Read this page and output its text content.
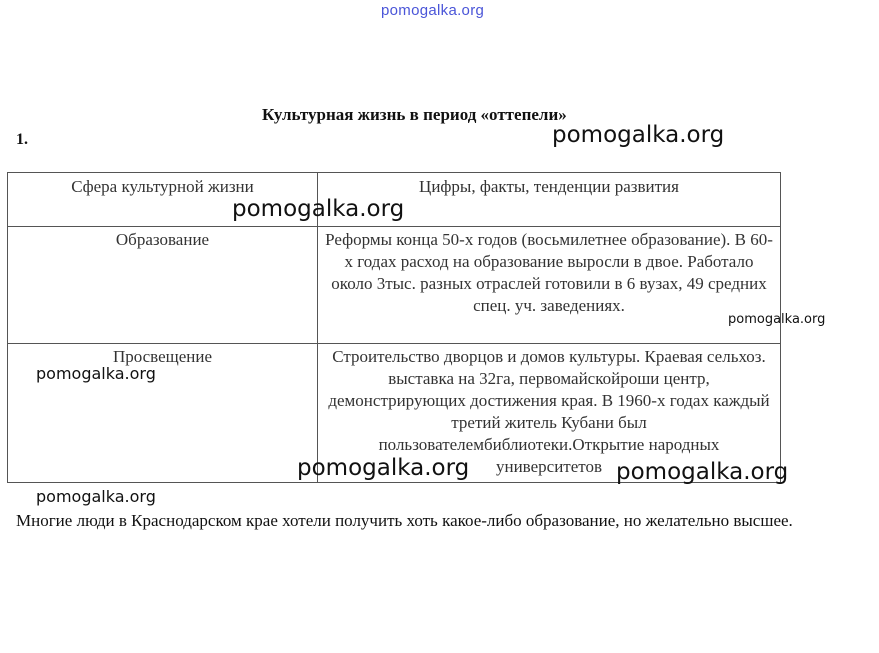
pomogalka.org
Культурная жизнь в период «оттепели»
1.
Сфера культурной жизни	Цифры, факты, тенденции развития
Образование	Реформы конца 50-х годов (восьмилетнее образование). В 60-х годах расход на образование выросли в двое. Работало около 3тыс. разных отраслей готовили в 6 вузах, 49 средних спец. уч. заведениях.
Просвещение	Строительство дворцов и домов культуры. Краевая сельхоз. выставка на 32га, первомайскойроши центр, демонстрирующих достижения края. В 1960-х годах каждый третий житель Кубани был пользователембиблиотеки.Открытие народных университетов
Многие люди в Краснодарском крае хотели получить хоть какое-либо образование, но желательно высшее.
pomogalka.org
pomogalka.org
pomogalka.org
pomogalka.org
pomogalka.org	pomogalka.org
pomogalka.org
